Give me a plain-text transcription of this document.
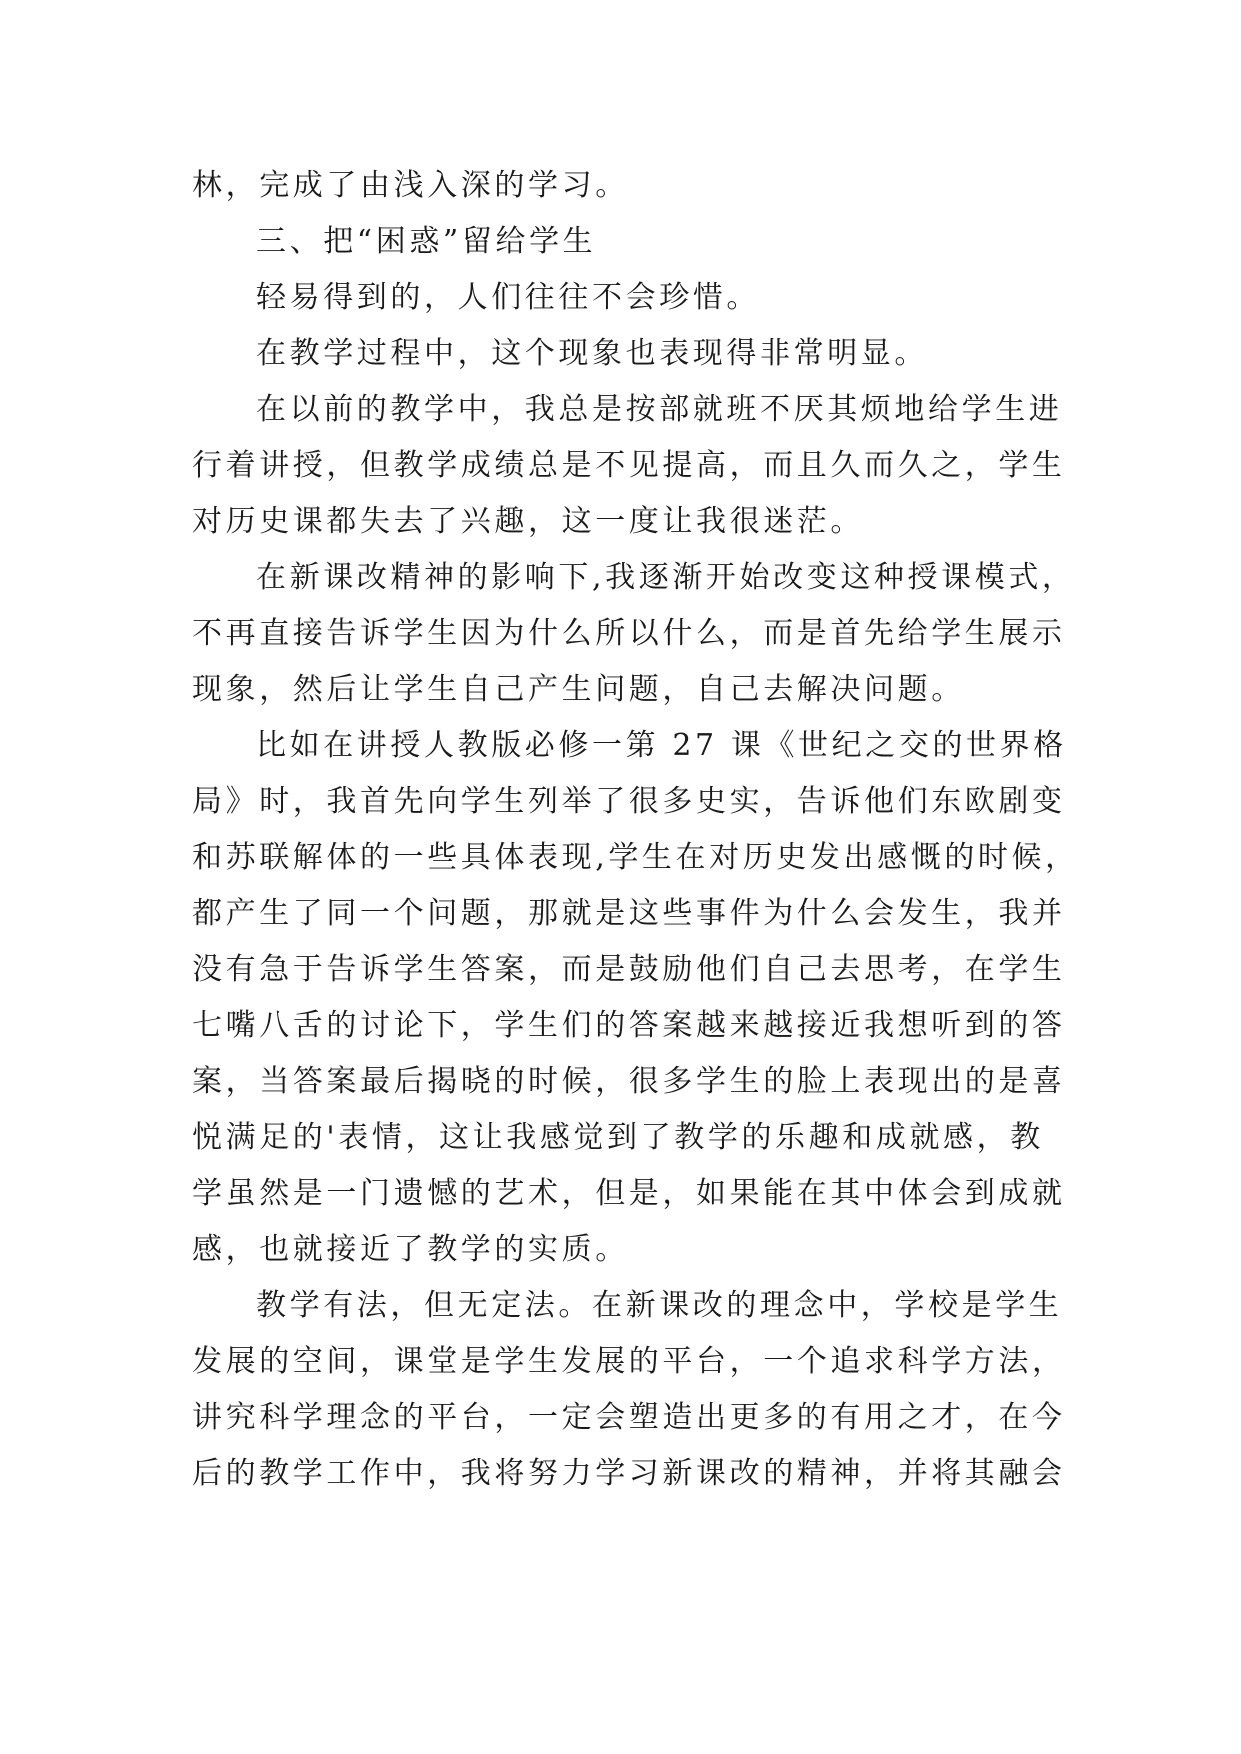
林，完成了由浅入深的学习。
三、把“困惑”留给学生
轻易得到的，人们往往不会珍惜。
在教学过程中，这个现象也表现得非常明显。
在以前的教学中，我总是按部就班不厌其烦地给学生进
行着讲授，但教学成绩总是不见提高，而且久而久之，学生
对历史课都失去了兴趣，这一度让我很迷茫。
在新课改精神的影响下,我逐渐开始改变这种授课模式，
不再直接告诉学生因为什么所以什么，而是首先给学生展示
现象，然后让学生自己产生问题，自己去解决问题。
比如在讲授人教版必修一第 27 课《世纪之交的世界格
局》时，我首先向学生列举了很多史实，告诉他们东欧剧变
和苏联解体的一些具体表现,学生在对历史发出感慨的时候，
都产生了同一个问题，那就是这些事件为什么会发生，我并
没有急于告诉学生答案，而是鼓励他们自己去思考，在学生
七嘴八舌的讨论下，学生们的答案越来越接近我想听到的答
案，当答案最后揭晓的时候，很多学生的脸上表现出的是喜
悦满足的'表情，这让我感觉到了教学的乐趣和成就感，教
学虽然是一门遗憾的艺术，但是，如果能在其中体会到成就
感，也就接近了教学的实质。
教学有法，但无定法。在新课改的理念中，学校是学生
发展的空间，课堂是学生发展的平台，一个追求科学方法，
讲究科学理念的平台，一定会塑造出更多的有用之才，在今
后的教学工作中，我将努力学习新课改的精神，并将其融会
